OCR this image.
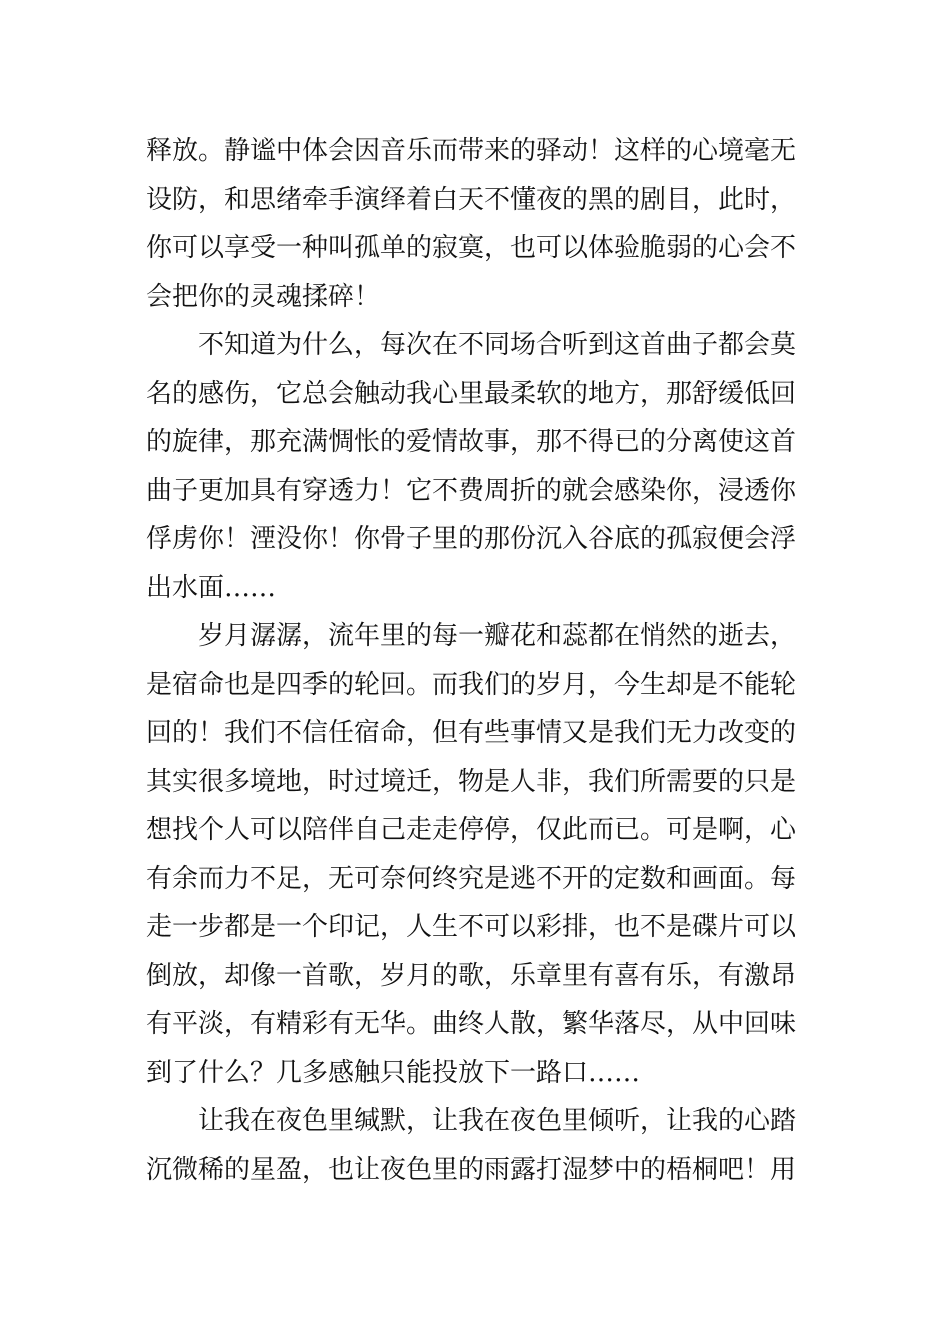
释放。静谧中体会因音乐而带来的驿动！这样的心境毫无
设防，和思绪牵手演绎着白天不懂夜的黑的剧目，此时，
你可以享受一种叫孤单的寂寞，也可以体验脆弱的心会不
会把你的灵魂揉碎！

不知道为什么，每次在不同场合听到这首曲子都会莫
名的感伤，它总会触动我心里最柔软的地方，那舒缓低回
的旋律，那充满惆怅的爱情故事，那不得已的分离使这首
曲子更加具有穿透力！它不费周折的就会感染你，浸透你
俘虏你！湮没你！你骨子里的那份沉入谷底的孤寂便会浮
出水面……

岁月潺潺，流年里的每一瓣花和蕊都在悄然的逝去，
是宿命也是四季的轮回。而我们的岁月，今生却是不能轮
回的！我们不信任宿命，但有些事情又是我们无力改变的
其实很多境地，时过境迁，物是人非，我们所需要的只是
想找个人可以陪伴自己走走停停，仅此而已。可是啊，心
有余而力不足，无可奈何终究是逃不开的定数和画面。每
走一步都是一个印记，人生不可以彩排，也不是碟片可以
倒放，却像一首歌，岁月的歌，乐章里有喜有乐，有激昂
有平淡，有精彩有无华。曲终人散，繁华落尽，从中回味
到了什么？几多感触只能投放下一路口……

让我在夜色里缄默，让我在夜色里倾听，让我的心踏
沉微稀的星盈，也让夜色里的雨露打湿梦中的梧桐吧！用
